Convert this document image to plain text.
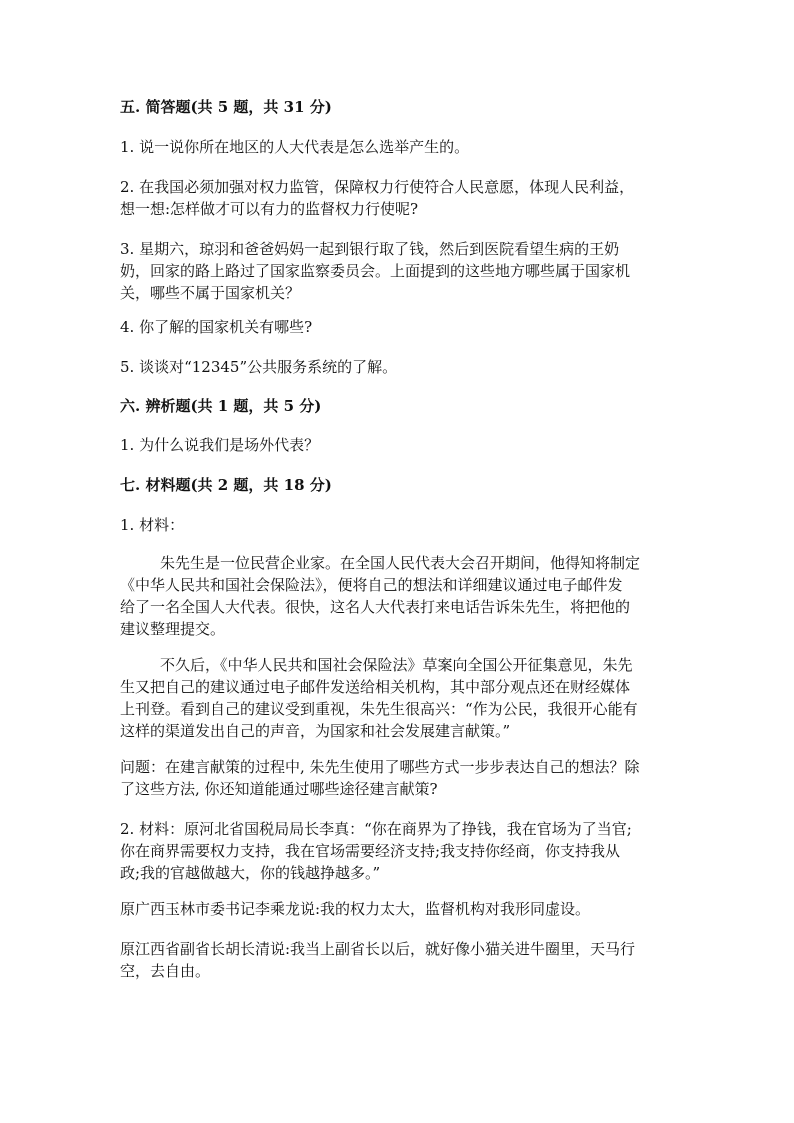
五. 简答题(共 5 题，共 31 分)
1. 说一说你所在地区的人大代表是怎么选举产生的。
2. 在我国必须加强对权力监管，保障权力行使符合人民意愿，体现人民利益，
想一想:怎样做才可以有力的监督权力行使呢?
3. 星期六，琼羽和爸爸妈妈一起到银行取了钱，然后到医院看望生病的王奶
奶，回家的路上路过了国家监察委员会。上面提到的这些地方哪些属于国家机
关，哪些不属于国家机关？
4. 你了解的国家机关有哪些?
5. 谈谈对“12345”公共服务系统的了解。
六. 辨析题(共 1 题，共 5 分)
1. 为什么说我们是场外代表？
七. 材料题(共 2 题，共 18 分)
1. 材料：
朱先生是一位民营企业家。在全国人民代表大会召开期间，他得知将制定
《中华人民共和国社会保险法》，便将自己的想法和详细建议通过电子邮件发
给了一名全国人大代表。很快，这名人大代表打来电话告诉朱先生，将把他的
建议整理提交。
不久后，《中华人民共和国社会保险法》草案向全国公开征集意见，朱先
生又把自己的建议通过电子邮件发送给相关机构，其中部分观点还在财经媒体
上刊登。看到自己的建议受到重视，朱先生很高兴：“作为公民，我很开心能有
这样的渠道发出自己的声音，为国家和社会发展建言献策。”
问题：在建言献策的过程中, 朱先生使用了哪些方式一步步表达自己的想法？除
了这些方法, 你还知道能通过哪些途径建言献策?
2. 材料：原河北省国税局局长李真：“你在商界为了挣钱，我在官场为了当官;
你在商界需要权力支持，我在官场需要经济支持;我支持你经商，你支持我从
政;我的官越做越大，你的钱越挣越多。”
原广西玉林市委书记李乘龙说:我的权力太大，监督机构对我形同虚设。
原江西省副省长胡长清说:我当上副省长以后，就好像小猫关进牛圈里，天马行
空，去自由。
